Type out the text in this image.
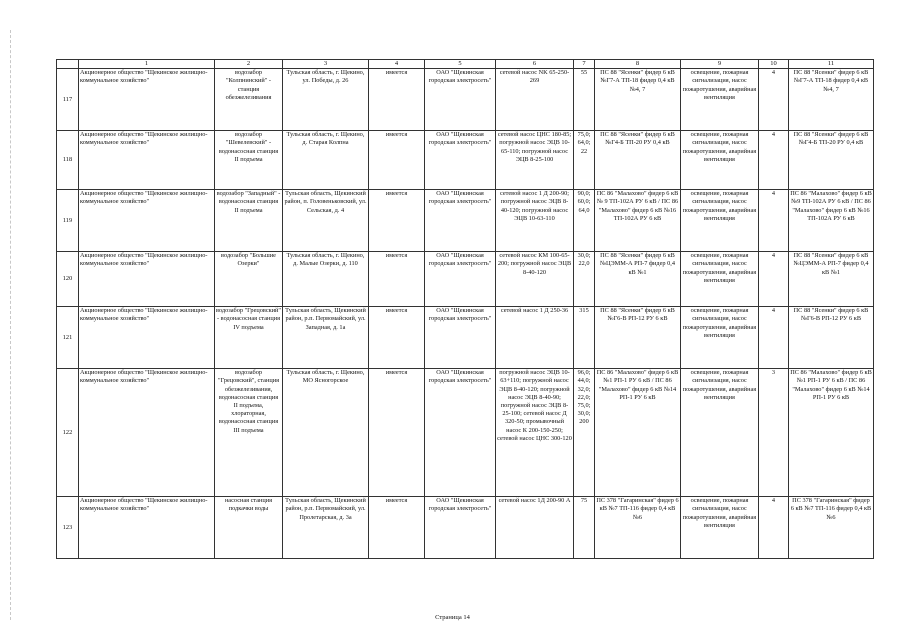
	1	2	3	4	5	6	7	8	9	10	11
117	Акционерное общество "Щекинское жилищно-коммунальное хозяйство"	водозабор "Колпнинский" - станция обезжелезивания	Тульская область, г. Щекино, ул. Победы, д. 26	имеется	ОАО "Щекинская городская электросеть"	сетевой насос NK 65-250-269	55	ПС 88 "Ясенки" фидер 6 кВ №Г7-А ТП-18 фидер 0,4 кВ №4, 7	освещение, пожарная сигнализация, насос пожаротушения, аварийная вентиляция	4	ПС 88 "Ясенки" фидер 6 кВ №Г7-А ТП-18 фидер 0,4 кВ №4, 7
118	Акционерное общество "Щекинское жилищно-коммунальное хозяйство"	водозабор "Шевелевский" - водонасосная станция II подъема	Тульская область, г. Щекино, д. Старая Колпна	имеется	ОАО "Щекинская городская электросеть"	сетевой насос ЦНС 180-85; погружной насос ЭЦВ 10-65-110; погружной насос ЭЦВ 8-25-100	75,0; 64,0; 22	ПС 88 "Ясенки" фидер 6 кВ №Г4-Б ТП-20 РУ 0,4 кВ	освещение, пожарная сигнализация, насос пожаротушения, аварийная вентиляция	4	ПС 88 "Ясенки" фидер 6 кВ №Г4-Б ТП-20 РУ 0,4 кВ
119	Акционерное общество "Щекинское жилищно-коммунальное хозяйство"	водозабор "Западный" - водонасосная станция II подъема	Тульская область, Щекинский район, п. Головеньковский, ул. Сельская, д. 4	имеется	ОАО "Щекинская городская электросеть"	сетевой насос 1 Д 200-90; погружной насос ЭЦВ 8-40-120; погружной насос ЭЦВ 10-63-110	90,0; 60,0; 64,0	ПС 86 "Малахово" фидер 6 кВ № 9 ТП-102А РУ 6 кВ / ПС 86 "Малахово" фидер 6 кВ №16 ТП-102А РУ 6 кВ	освещение, пожарная сигнализация, насос пожаротушения, аварийная вентиляция	4	ПС 86 "Малахово" фидер 6 кВ №9 ТП-102А РУ 6 кВ / ПС 86 "Малахово" фидер 6 кВ №16 ТП-102А РУ 6 кВ
120	Акционерное общество "Щекинское жилищно-коммунальное хозяйство"	водозабор "Большие Озерки"	Тульская область, г. Щекино, д. Малые Озерки, д. 110	имеется	ОАО "Щекинская городская электросеть"	сетевой насос КМ 100-65-200; погружной насос ЭЦВ 8-40-120	30,0; 22,0	ПС 88 "Ясенки" фидер 6 кВ №ЦЭММ-А РП-7 фидер 0,4 кВ №1	освещение, пожарная сигнализация, насос пожаротушения, аварийная вентиляция	4	ПС 88 "Ясенки" фидер 6 кВ №ЦЭММ-А РП-7 фидер 0,4 кВ №1
121	Акционерное общество "Щекинское жилищно-коммунальное хозяйство"	водозабор "Грецовский" - водонасосная станция IV подъема	Тульская область, Щекинский район, р.п. Первомайский, ул. Западная, д. 1а	имеется	ОАО "Щекинская городская электросеть"	сетевой насос 1 Д 250-36	315	ПС 88 "Ясенки" фидер 6 кВ №Г6-В РП-12 РУ 6 кВ	освещение, пожарная сигнализация, насос пожаротушения, аварийная вентиляция	4	ПС 88 "Ясенки" фидер 6 кВ №Г6-В РП-12 РУ 6 кВ
122	Акционерное общество "Щекинское жилищно-коммунальное хозяйство"	водозабор "Грецовский", станция обезжелезивания, водонасосная станция II подъема, хлораторная, водонасосная станция III подъема	Тульская область, г. Щекино, МО Ясногорское	имеется	ОАО "Щекинская городская электросеть"	погружной насос ЭЦВ 10-63+110; погружной насос ЭЦВ 8-40-120; погружной насос ЭЦВ 8-40-90; погружной насос ЭЦВ 8-25-100; сетевой насос Д 320-50; промывочный насос К 200-150-250; сетевой насос ЦНС 300-120	96,0; 44,0; 32,0; 22,0; 75,0; 30,0; 200	ПС 86 "Малахово" фидер 6 кВ №1 РП-1 РУ 6 кВ / ПС 86 "Малахово" фидер 6 кВ №14 РП-1 РУ 6 кВ	освещение, пожарная сигнализация, насос пожаротушения, аварийная вентиляция	3	ПС 86 "Малахово" фидер 6 кВ №1 РП-1 РУ 6 кВ / ПС 86 "Малахово" фидер 6 кВ №14 РП-1 РУ 6 кВ
123	Акционерное общество "Щекинское жилищно-коммунальное хозяйство"	насосная станция подкачки воды	Тульская область, Щекинский район, р.п. Первомайский, ул. Пролетарская, д. 3а	имеется	ОАО "Щекинская городская электросеть"	сетевой насос 1Д 200-90 А	75	ПС 378 "Гагаринская" фидер 6 кВ №7 ТП-116 фидер 0,4 кВ №6	освещение, пожарная сигнализация, насос пожаротушения, аварийная вентиляция	4	ПС 378 "Гагаринская" фидер 6 кВ №7 ТП-116 фидер 0,4 кВ №6
Страница 14
